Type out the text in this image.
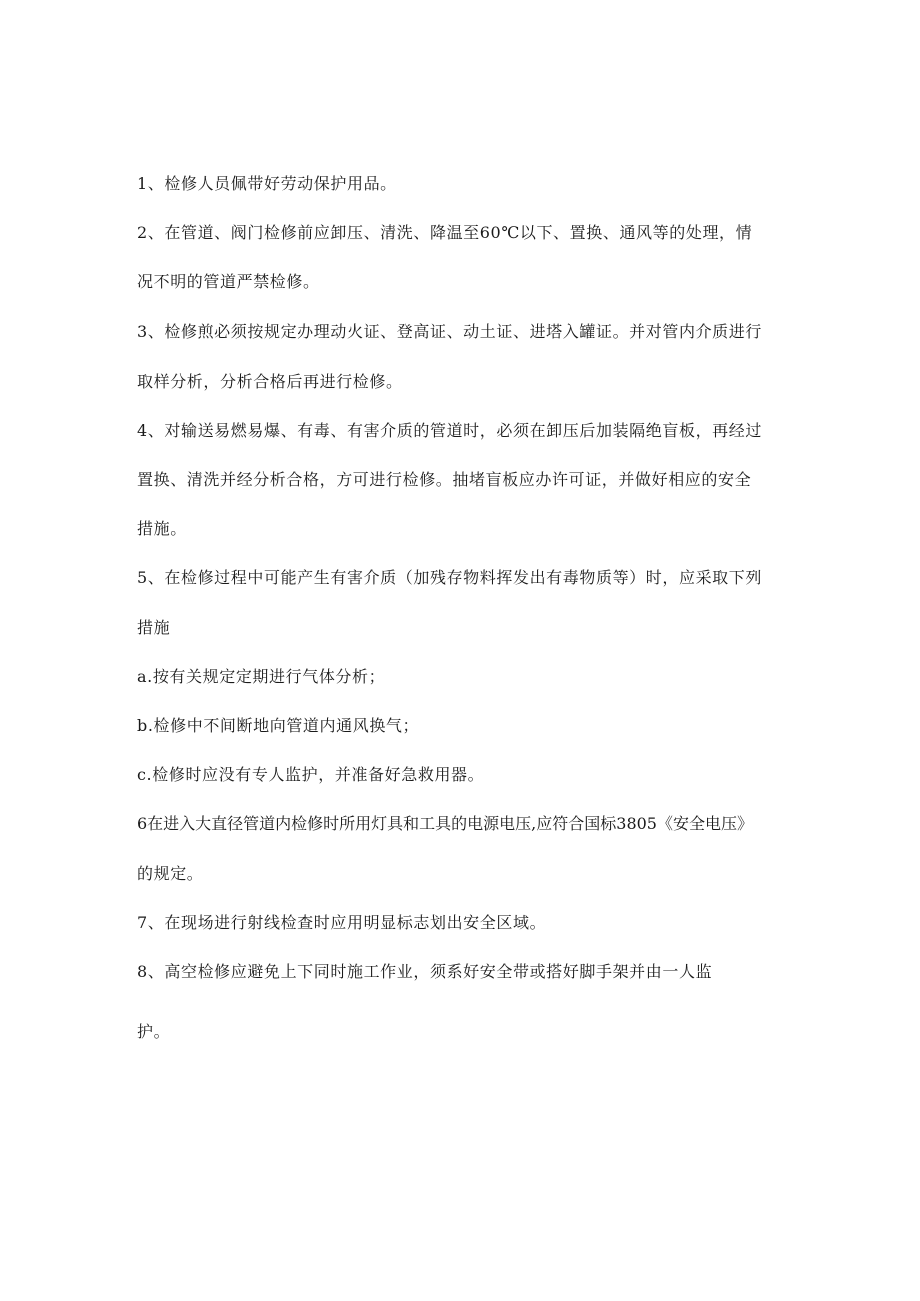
1、检修人员佩带好劳动保护用品。
2、在管道、阀门检修前应卸压、清洗、降温至60℃以下、置换、通风等的处理，情
况不明的管道严禁检修。
3、检修煎必须按规定办理动火证、登高证、动土证、进塔入罐证。并对管内介质进行
取样分析，分析合格后再进行检修。
4、对输送易燃易爆、有毒、有害介质的管道时，必须在卸压后加装隔绝盲板，再经过
置换、清洗并经分析合格，方可进行检修。抽堵盲板应办许可证，并做好相应的安全
措施。
5、在检修过程中可能产生有害介质（加残存物料挥发出有毒物质等）时，应采取下列
措施
a.按有关规定定期进行气体分析；
b.检修中不间断地向管道内通风换气；
c.检修时应没有专人监护，并准备好急救用器。
6在进入大直径管道内检修时所用灯具和工具的电源电压,应符合国标3805《安全电压》
的规定。
7、在现场进行射线检查时应用明显标志划出安全区域。
8、高空检修应避免上下同时施工作业，须系好安全带或搭好脚手架并由一人监
护。
